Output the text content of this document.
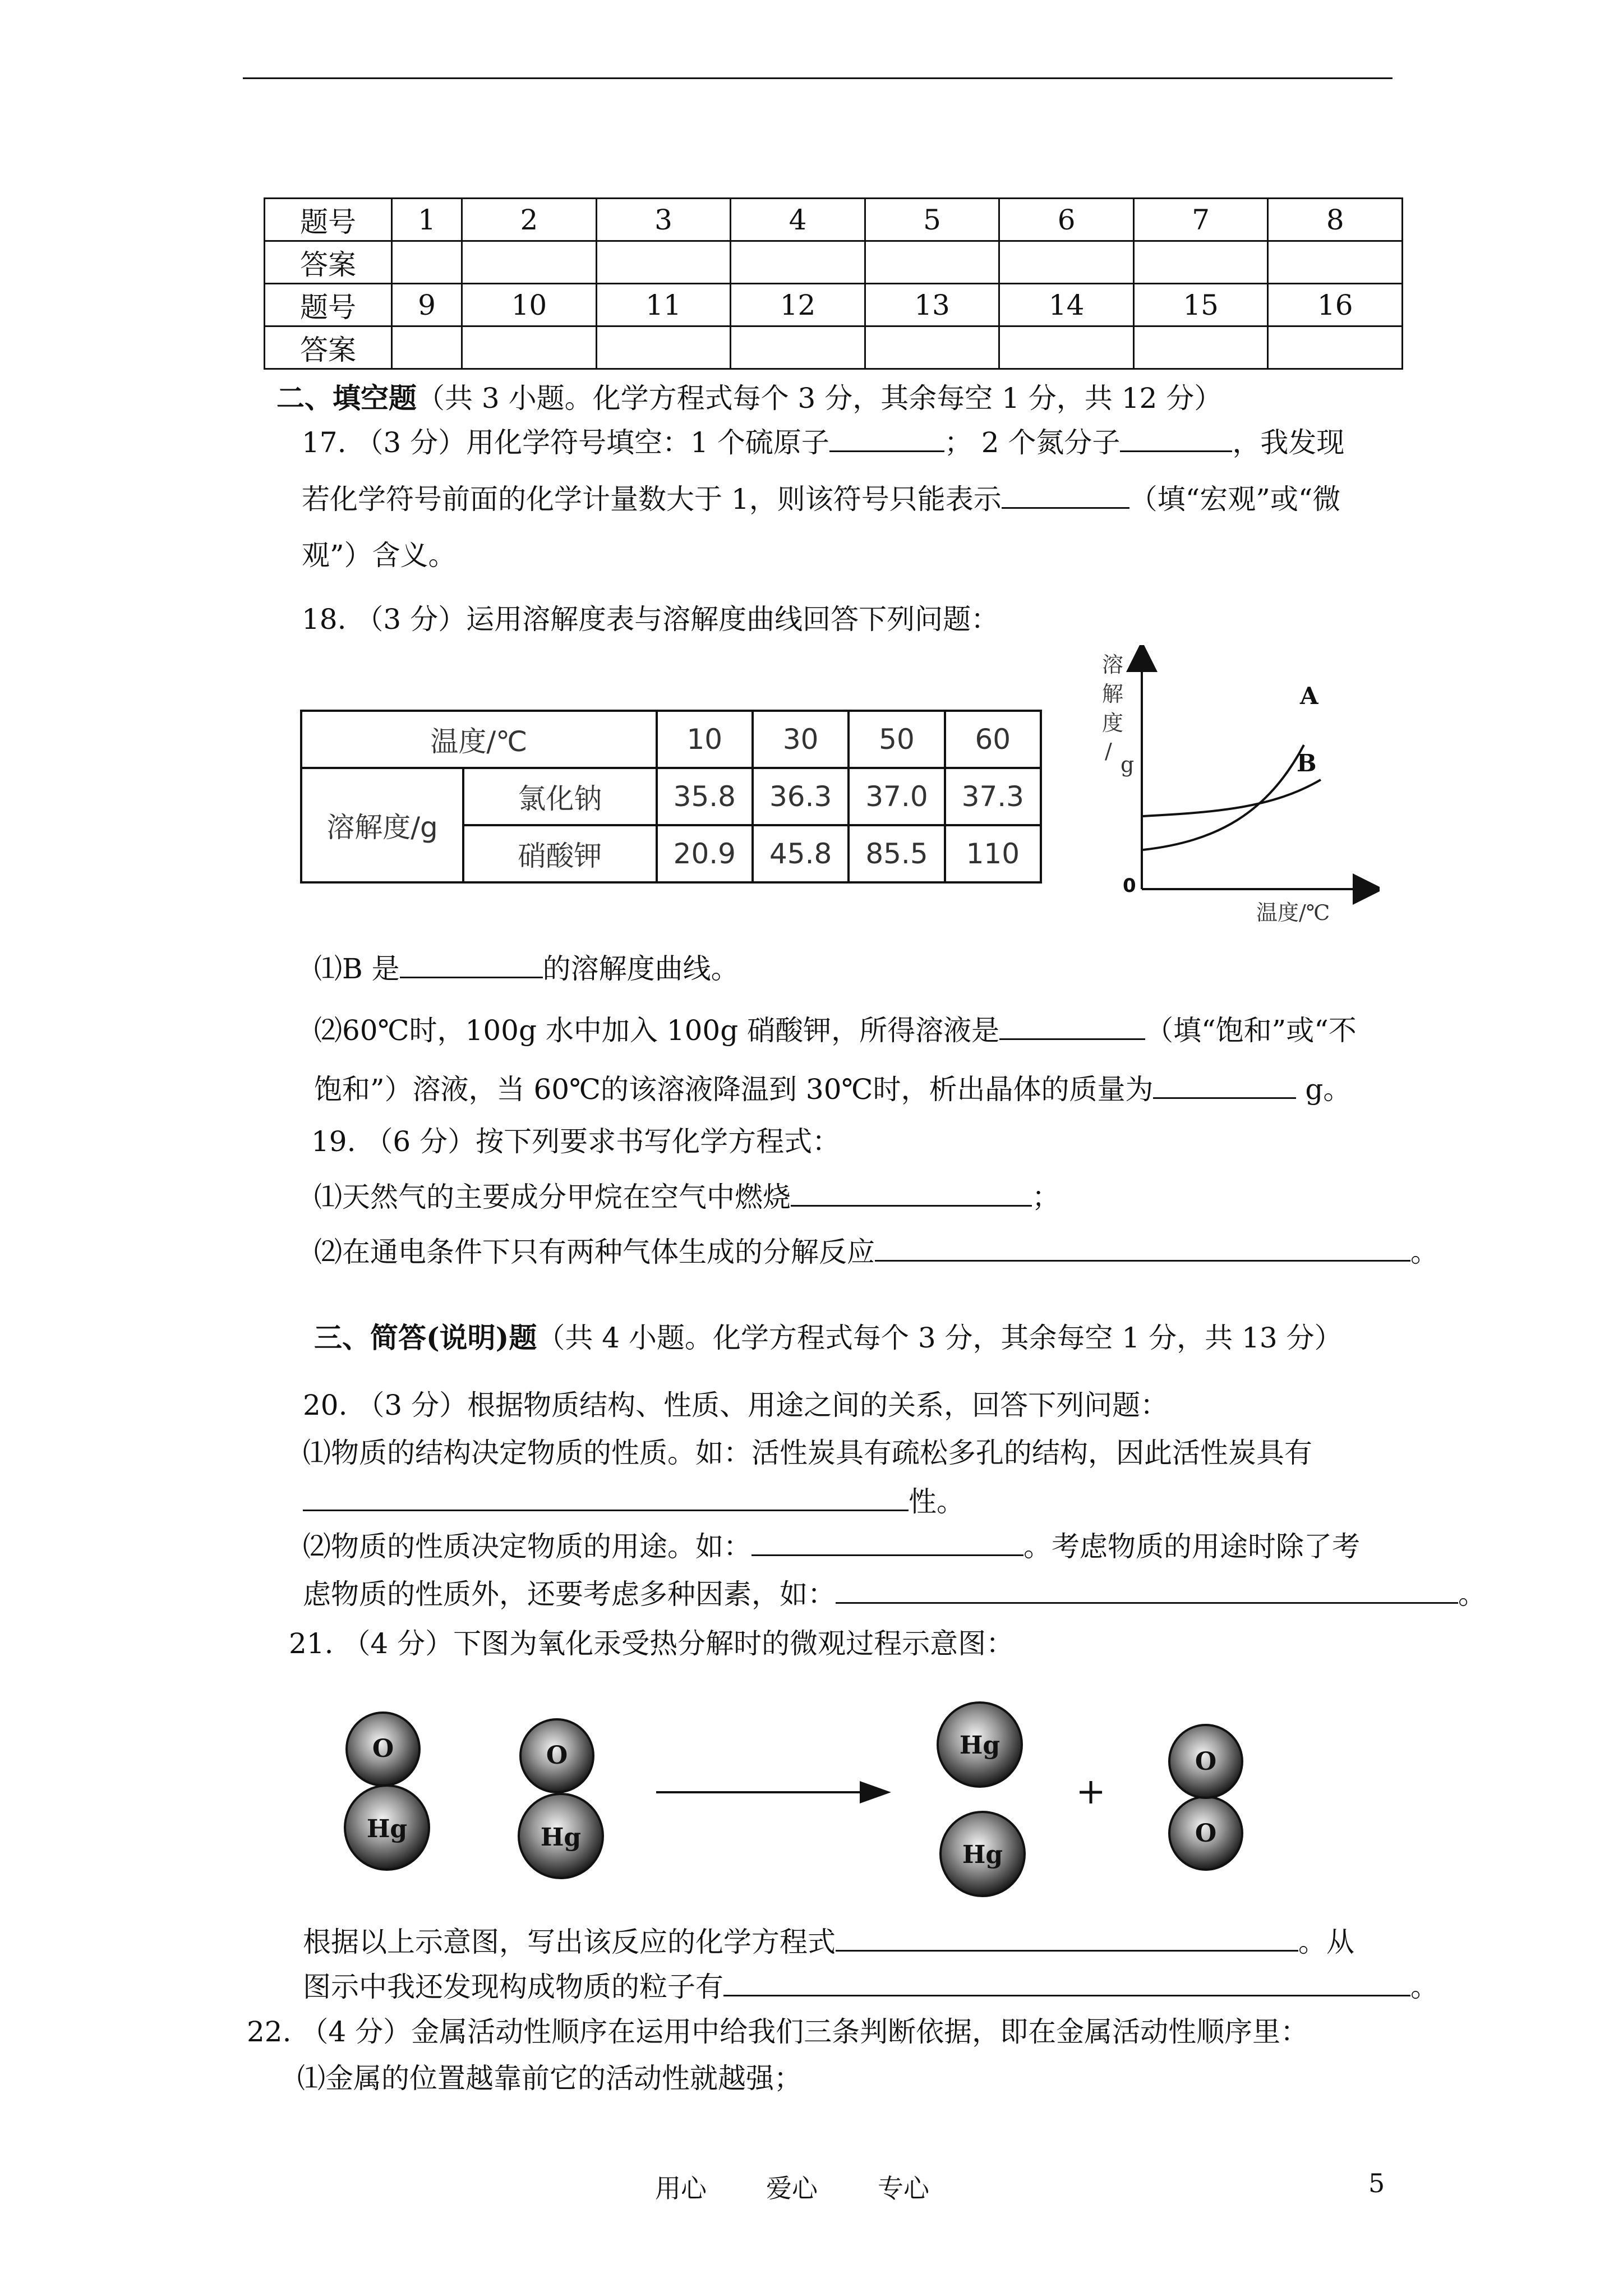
题号	1	2	3	4	5	6	7	8
答案								
题号	9	10	11	12	13	14	15	16
答案								
二、填空题（共 3 小题。化学方程式每个 3 分，其余每空 1 分，共 12 分）
17. （3 分）用化学符号填空：1 个硫原子	； 2 个氮分子	，我发现
若化学符号前面的化学计量数大于 1，则该符号只能表示	（填“宏观”或“微
观”）含义。
18. （3 分）运用溶解度表与溶解度曲线回答下列问题：
温度/℃		10	30	50	60
溶解度/g	氯化钠	35.8	36.3	37.0	37.3
	硝酸钾	20.9	45.8	85.5	110
溶
解
度
/
g
温度/℃
0
A
B
⑴B 是	的溶解度曲线。
⑵60℃时，100g 水中加入 100g 硝酸钾，所得溶液是	（填“饱和”或“不
饱和”）溶液，当 60℃的该溶液降温到 30℃时，析出晶体的质量为	g。
19. （6 分）按下列要求书写化学方程式：
⑴天然气的主要成分甲烷在空气中燃烧	；
⑵在通电条件下只有两种气体生成的分解反应	。
三、简答(说明)题（共 4 小题。化学方程式每个 3 分，其余每空 1 分，共 13 分）
20. （3 分）根据物质结构、性质、用途之间的关系，回答下列问题：
⑴物质的结构决定物质的性质。如：活性炭具有疏松多孔的结构，因此活性炭具有
性。
⑵物质的性质决定物质的用途。如：	。考虑物质的用途时除了考
虑物质的性质外，还要考虑多种因素，如：	。
21. （4 分）下图为氧化汞受热分解时的微观过程示意图：
O
Hg
O
Hg
Hg
Hg
+
O
O
根据以上示意图，写出该反应的化学方程式	。从
图示中我还发现构成物质的粒子有	。
22. （4 分）金属活动性顺序在运用中给我们三条判断依据，即在金属活动性顺序里：
⑴金属的位置越靠前它的活动性就越强；
用心 爱心 专心	5
